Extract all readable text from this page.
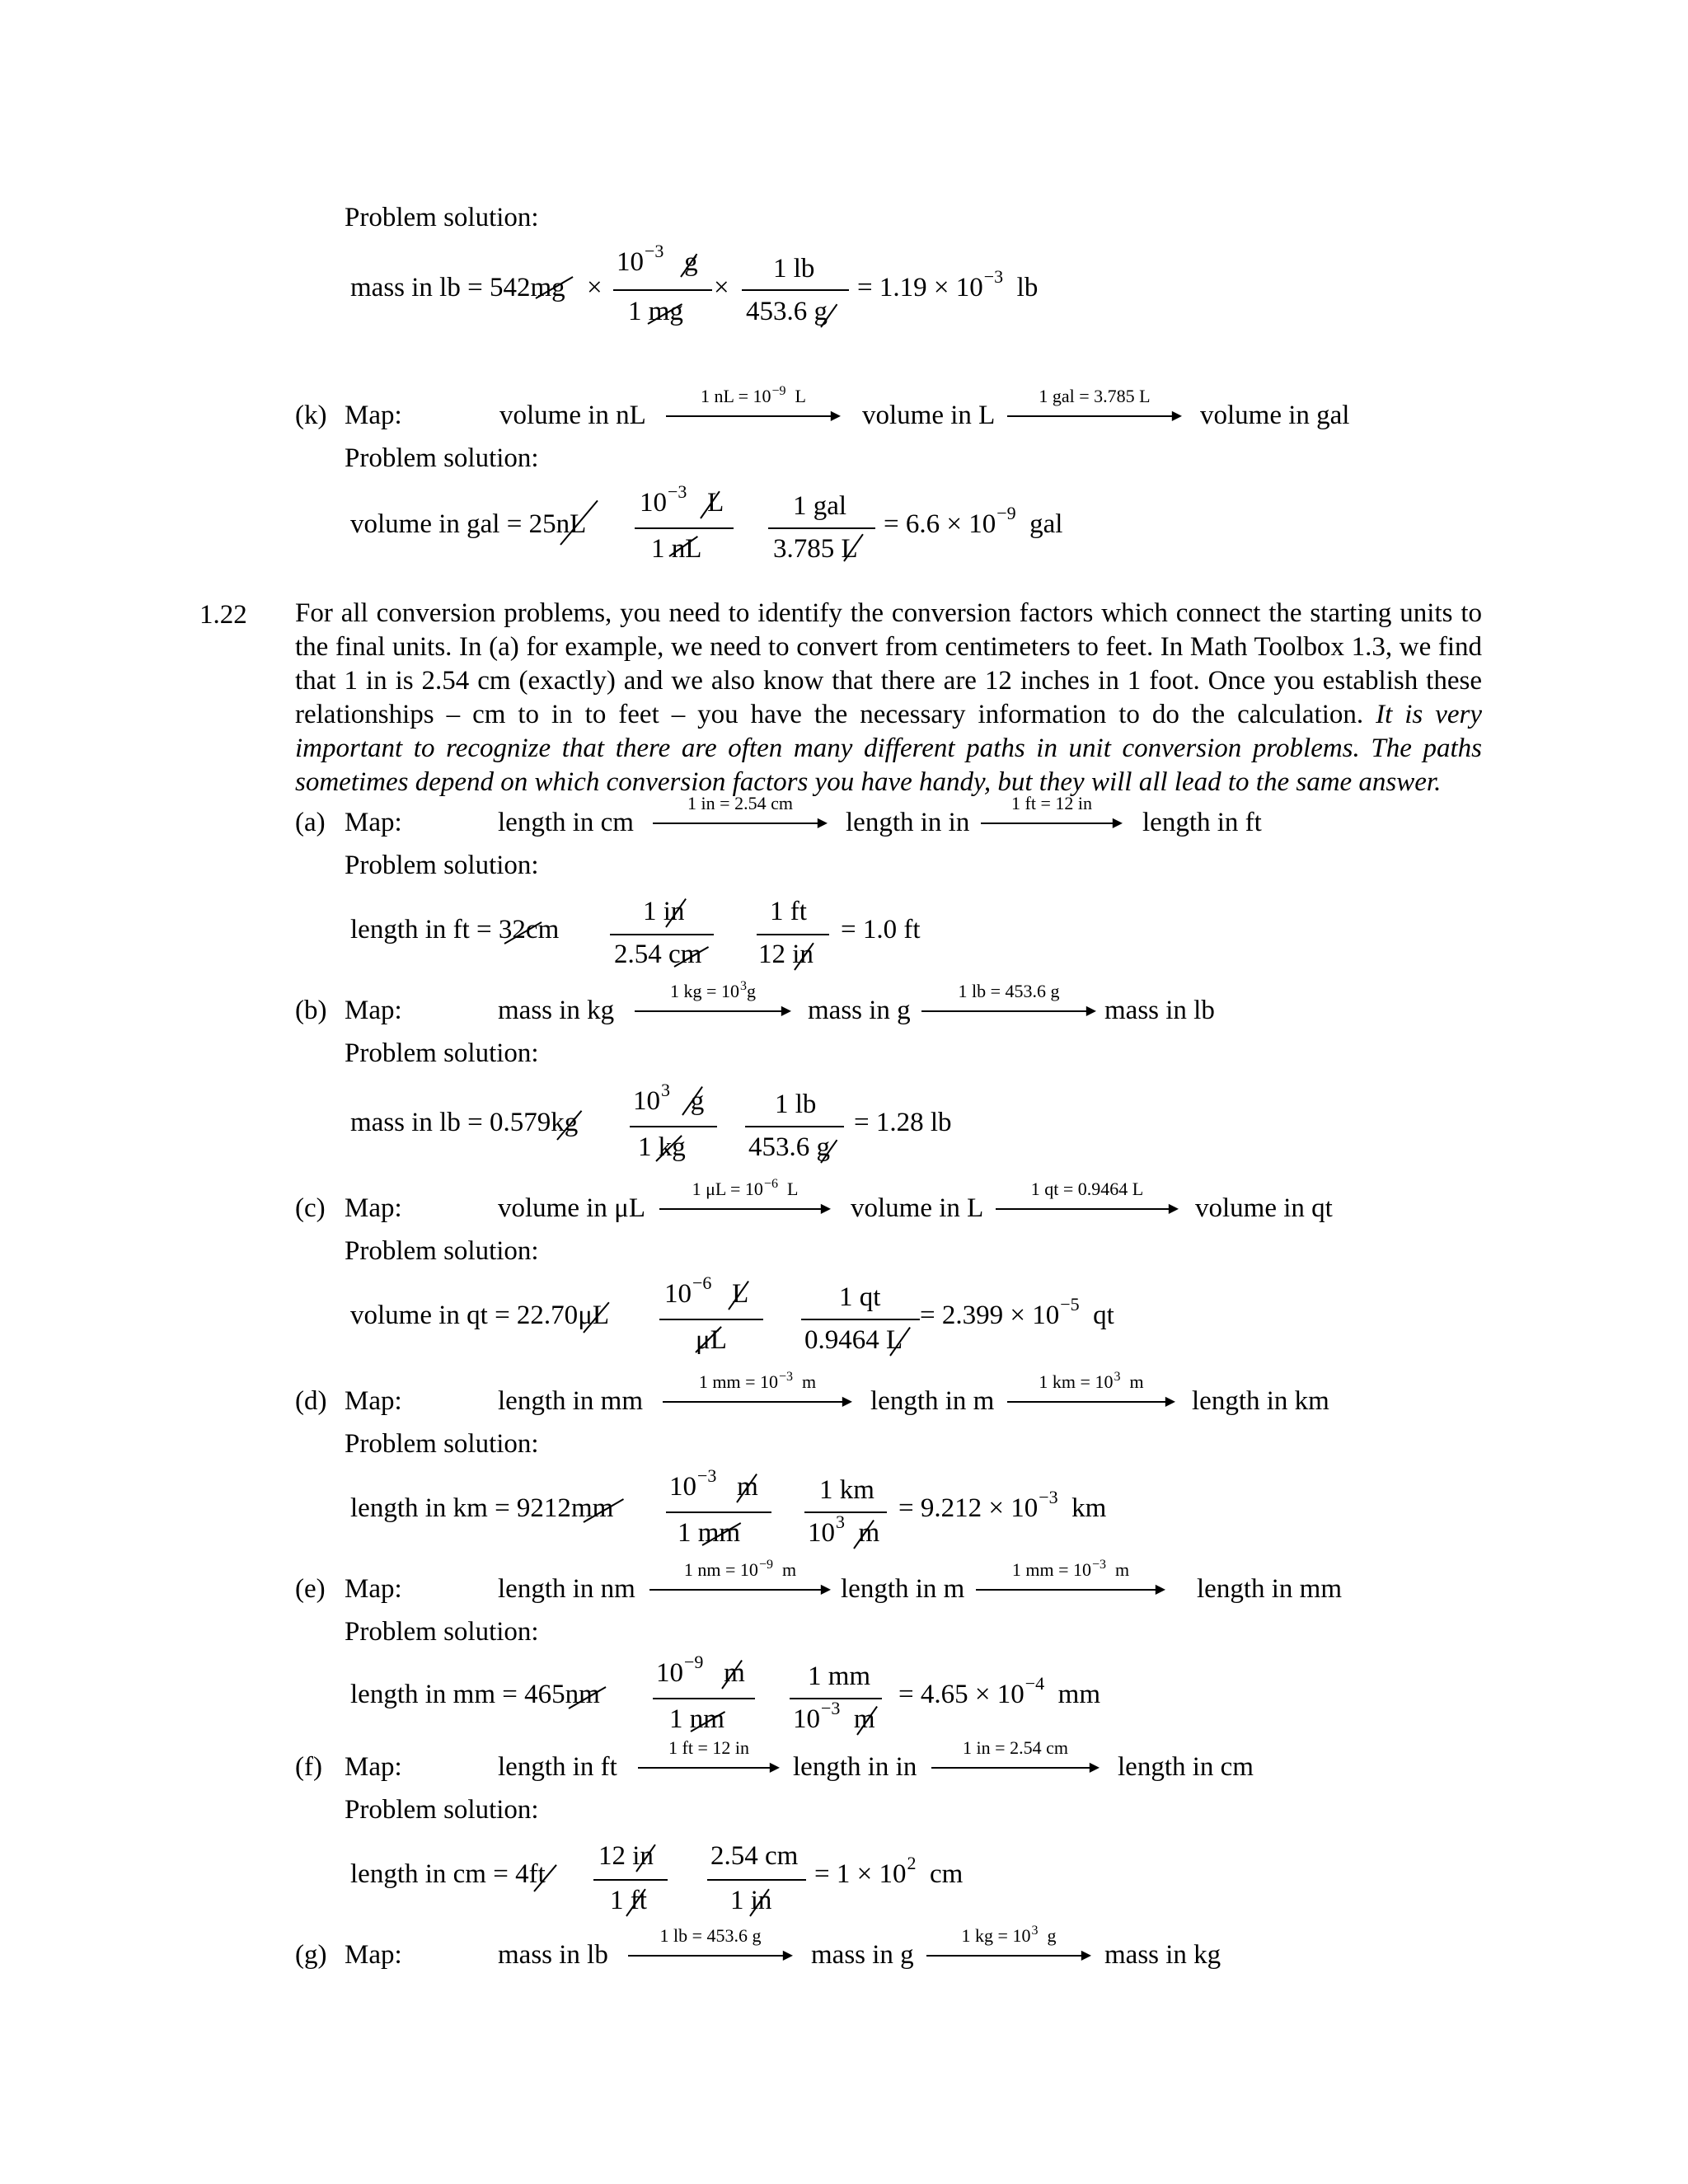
Problem solution:
mass in lb = 542mg ×
$10^{-3}$ g
1 mg
×
1 lb
453.6 g
= $1.19 \times 10^{-3}$ lb
(k) Map:	volume in nL
1 nL = $10^{-9}$ L
▶ volume in L
1 gal = 3.785 L
▶ volume in gal
Problem solution:
volume in gal = 25nL
$10^{-3}$ L
1 nL
1 gal
3.785 L
= $6.6 \times 10^{-9}$ gal
1.22 For all conversion problems, you need to identify the conversion factors which connect the starting units to the final units. In (a) for example, we need to convert from centimeters to feet. In Math Toolbox 1.3, we find that 1 in is 2.54 cm (exactly) and we also know that there are 12 inches in 1 foot. Once you establish these relationships – cm to in to feet – you have the necessary information to do the calculation. It is very important to recognize that there are often many different paths in unit conversion problems. The paths sometimes depend on which conversion factors you have handy, but they will all lead to the same answer.
(a) Map:	length in cm
1 in = 2.54 cm
▶ length in in
1 ft = 12 in
▶ length in ft
Problem solution:
length in ft = 32cm
1 in
2.54 cm
1 ft
12 in
= 1.0 ft
(b) Map:	mass in kg
1 kg = $10^3g$
▶ mass in g
1 lb = 453.6 g
▶ mass in lb
Problem solution:
mass in lb = 0.579kg
$10^3$ g
1 kg
1 lb
453.6 g
= 1.28 lb
(c) Map:	volume in μL
1 $\mu L = 10^{-6}$ L
▶ volume in L
1 qt = 0.9464 L
▶ volume in qt
Problem solution:
volume in qt = 22.70μL
$10^{-6}$ L
μL
1 qt
0.9464 L
= $2.399 \times 10^{-5}$ qt
(d) Map:	length in mm
1 mm = $10^{-3}$ m
▶ length in m
1 km = $10^3$ m
▶ length in km
Problem solution:
length in km = 9212mm
$10^{-3}$ m
1 mm
1 km
$10^3$ m
= $9.212 \times 10^{-3}$ km
(e) Map:	length in nm
1 nm = $10^{-9}$ m
▶ length in m
1 mm = $10^{-3}$ m
▶ length in mm
Problem solution:
length in mm = 465nm
$10^{-9}$ m
1 nm
1 mm
$10^{-3}$ m
= $4.65 \times 10^{-4}$ mm
(f) Map:	length in ft
1 ft = 12 in
▶ length in in
1 in = 2.54 cm
▶ length in cm
Problem solution:
length in cm = 4ft
12 in
1 ft
2.54 cm
1 in
= $1 \times 10^2$ cm
(g) Map:	mass in lb
1 lb = 453.6 g
▶ mass in g
1 kg = $10^3$ g
▶ mass in kg
